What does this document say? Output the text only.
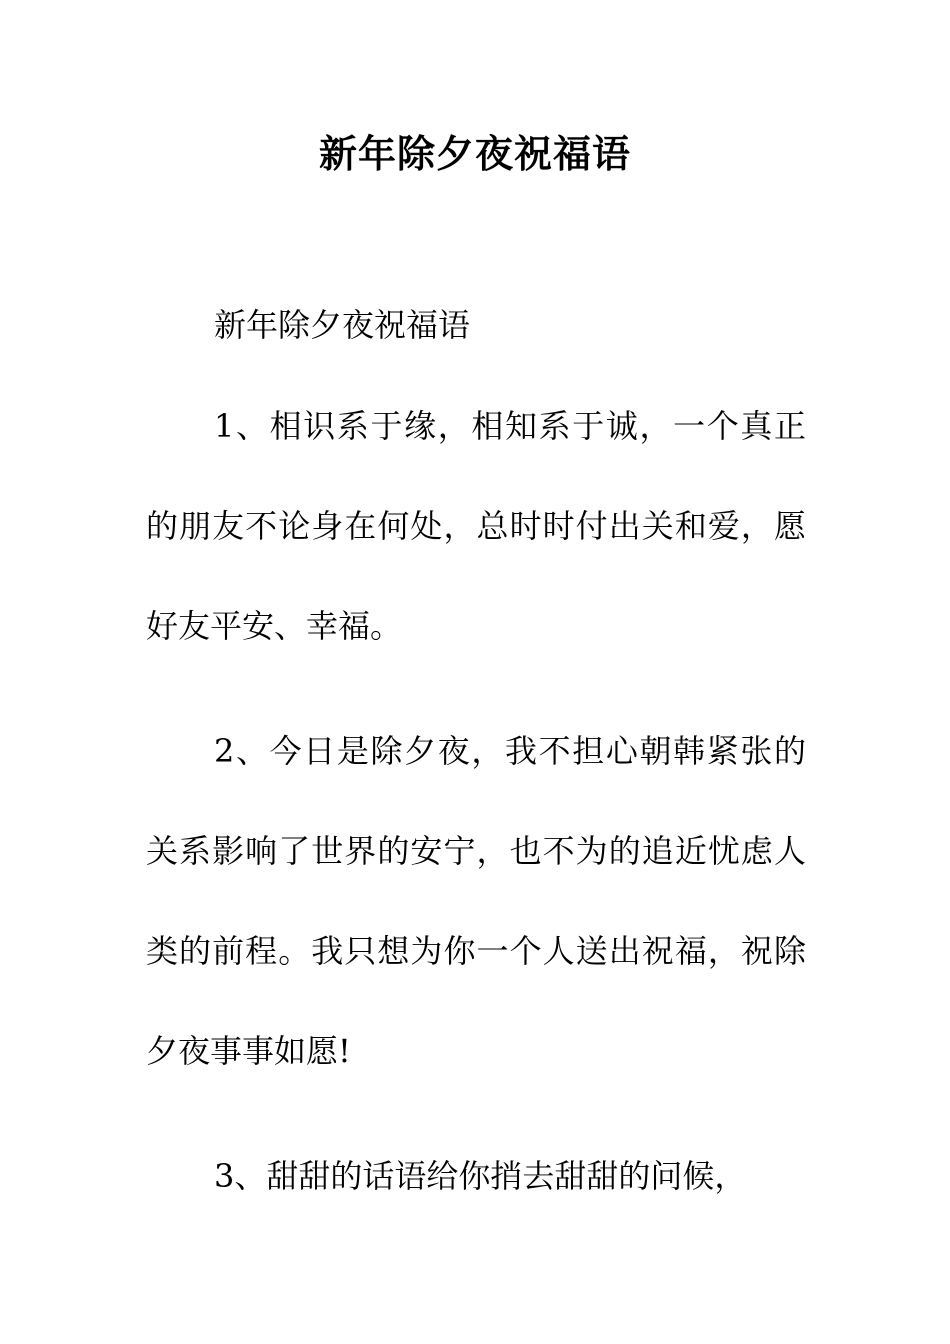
新年除夕夜祝福语

新年除夕夜祝福语

1、相识系于缘，相知系于诚，一个真正的朋友不论身在何处，总时时付出关和爱，愿好友平安、幸福。

2、今日是除夕夜，我不担心朝韩紧张的关系影响了世界的安宁，也不为的追近忧虑人类的前程。我只想为你一个人送出祝福，祝除夕夜事事如愿!

3、甜甜的话语给你捎去甜甜的问候，
